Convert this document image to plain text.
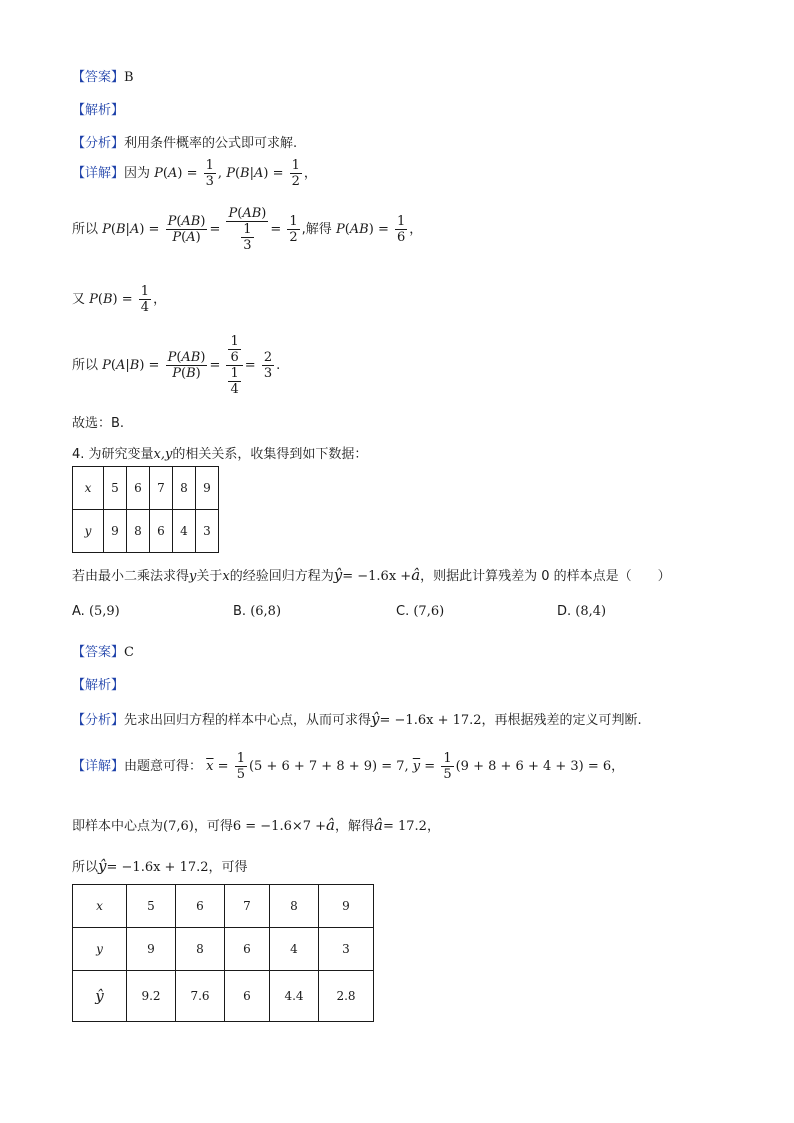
【答案】B
【解析】
【分析】利用条件概率的公式即可求解.
【详解】因为 $P(A) = \frac{1}{3}$ , $P(B|A) = \frac{1}{2}$ ，
所以 $P(B|A) = \frac{P(AB)}{P(A)} = \frac{P(AB)}{\frac{1}{3}} = \frac{1}{2}$ ,解得 $P(AB) = \frac{1}{6}$ ，
又 $P(B) = \frac{1}{4}$ ，
所以 $P(A|B) = \frac{P(AB)}{P(B)} = \frac{\frac{1}{6}}{\frac{1}{4}} = \frac{2}{3}$ .
故选：B.
4. 为研究变量x,y的相关关系，收集得到如下数据：
x	5	6	7	8	9
y	9	8	6	4	3
若由最小二乘法求得y关于x的经验回归方程为ŷ= −1.6x +â，则据此计算残差为 0 的样本点是（　　）
A. (5,9)	B. (6,8)	C. (7,6)	D. (8,4)
【答案】C
【解析】
【分析】先求出回归方程的样本中心点，从而可求得ŷ= −1.6x + 17.2，再根据残差的定义可判断.
【详解】由题意可得： $\overline{x} = \frac{1}{5} (5 + 6 + 7 + 8 + 9) = 7$, $\overline{y} = \frac{1}{5} (9 + 8 + 6 + 4 + 3) = 6$，
即样本中心点为(7,6)，可得6 = −1.6×7 +â，解得â= 17.2，
所以ŷ= −1.6x + 17.2，可得
x	5	6	7	8	9
y	9	8	6	4	3
ŷ	9.2	7.6	6	4.4	2.8
